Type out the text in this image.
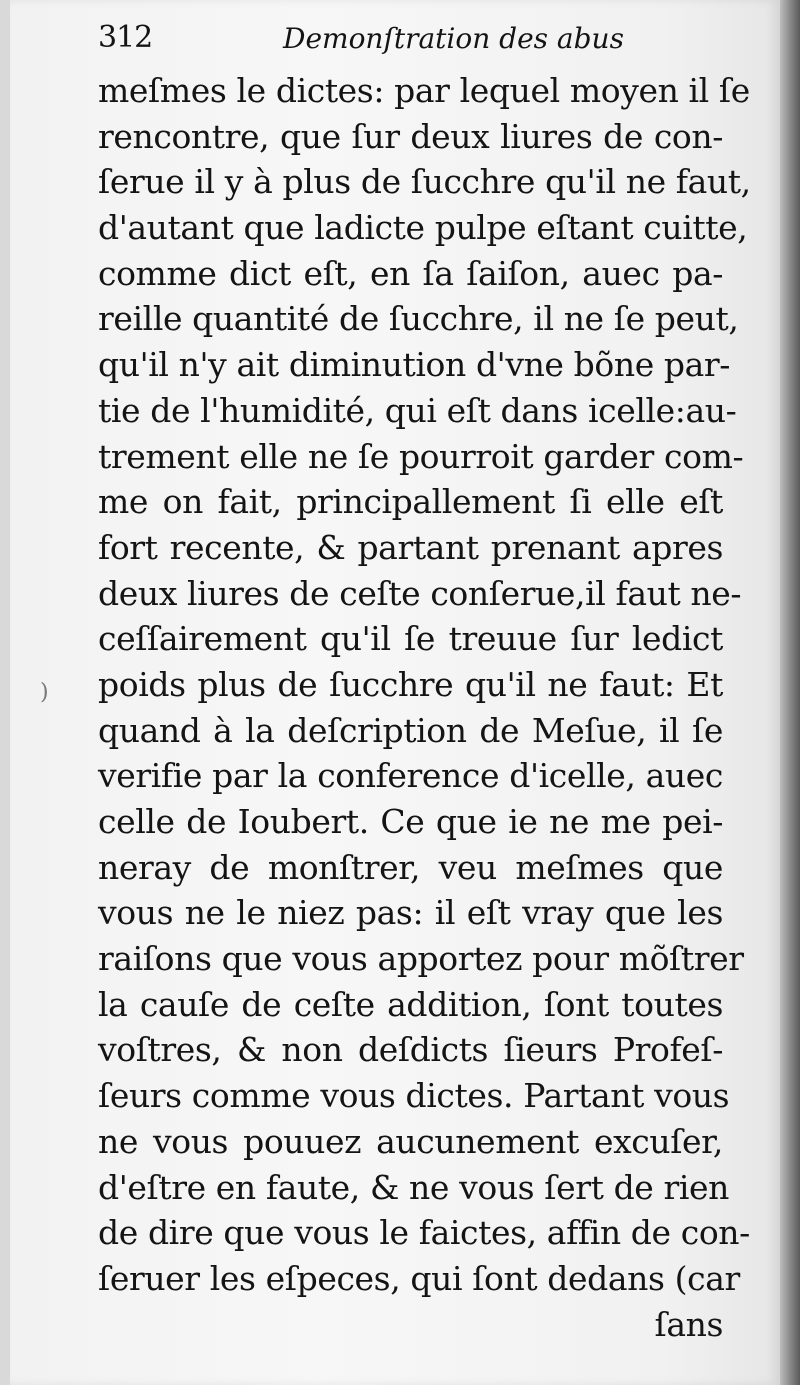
312	Demonſtration des abus
meſmes le dictes: par lequel moyen il ſe
rencontre, que ſur deux liures de con-
ſerue il y à plus de ſucchre qu'il ne faut,
d'autant que ladicte pulpe eſtant cuitte,
comme dict eſt, en ſa ſaiſon, auec pa-
reille quantité de ſucchre, il ne ſe peut,
qu'il n'y ait diminution d'vne bõne par-
tie de l'humidité, qui eſt dans icelle:au-
trement elle ne ſe pourroit garder com-
me on fait, principallement ſi elle eſt
fort recente, & partant prenant apres
deux liures de ceſte conſerue,il faut ne-
ceſſairement qu'il ſe treuue ſur ledict
poids plus de ſucchre qu'il ne faut: Et
quand à la deſcription de Meſue, il ſe
verifie par la conference d'icelle, auec
celle de Ioubert. Ce que ie ne me pei-
neray de monſtrer, veu meſmes que
vous ne le niez pas: il eſt vray que les
raiſons que vous apportez pour mõſtrer
la cauſe de ceſte addition, ſont toutes
voſtres, & non deſdicts ſieurs Profeſ-
ſeurs comme vous dictes. Partant vous
ne vous pouuez aucunement excuſer,
d'eſtre en faute, & ne vous ſert de rien
de dire que vous le faictes, affin de con-
ſeruer les eſpeces, qui ſont dedans (car
ſans
)
